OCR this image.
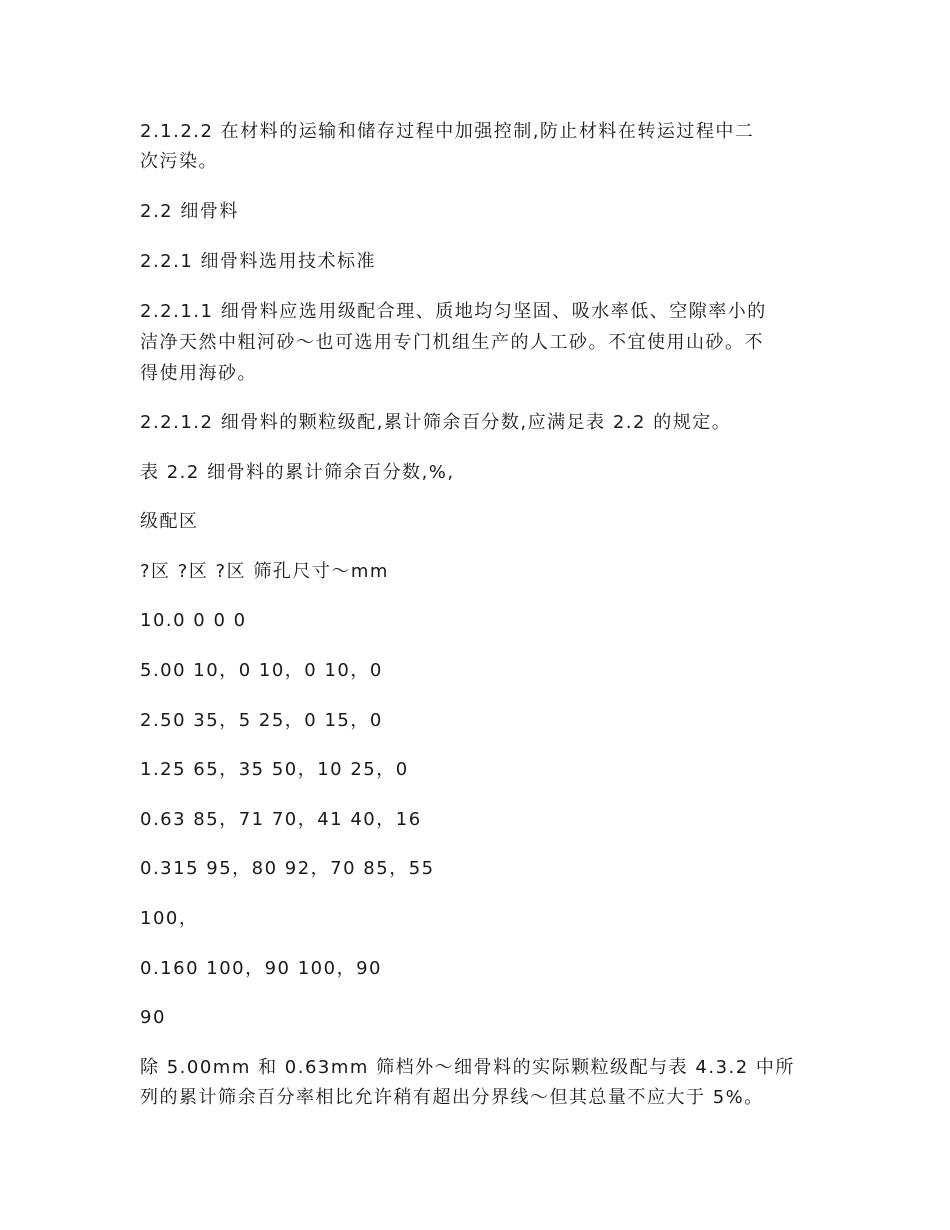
2.1.2.2 在材料的运输和储存过程中加强控制,防止材料在转运过程中二
次污染。
2.2 细骨料
2.2.1 细骨料选用技术标准
2.2.1.1 细骨料应选用级配合理、质地均匀坚固、吸水率低、空隙率小的
洁净天然中粗河砂～也可选用专门机组生产的人工砂。不宜使用山砂。不
得使用海砂。
2.2.1.2 细骨料的颗粒级配,累计筛余百分数,应满足表 2.2 的规定。
表 2.2 细骨料的累计筛余百分数,%,
级配区
?区 ?区 ?区 筛孔尺寸～mm
10.0 0 0 0
5.00 10，0 10，0 10，0
2.50 35，5 25，0 15，0
1.25 65，35 50，10 25，0
0.63 85，71 70，41 40，16
0.315 95，80 92，70 85，55
100，
0.160 100，90 100，90
90
除 5.00mm 和 0.63mm 筛档外～细骨料的实际颗粒级配与表 4.3.2 中所
列的累计筛余百分率相比允许稍有超出分界线～但其总量不应大于 5%。
